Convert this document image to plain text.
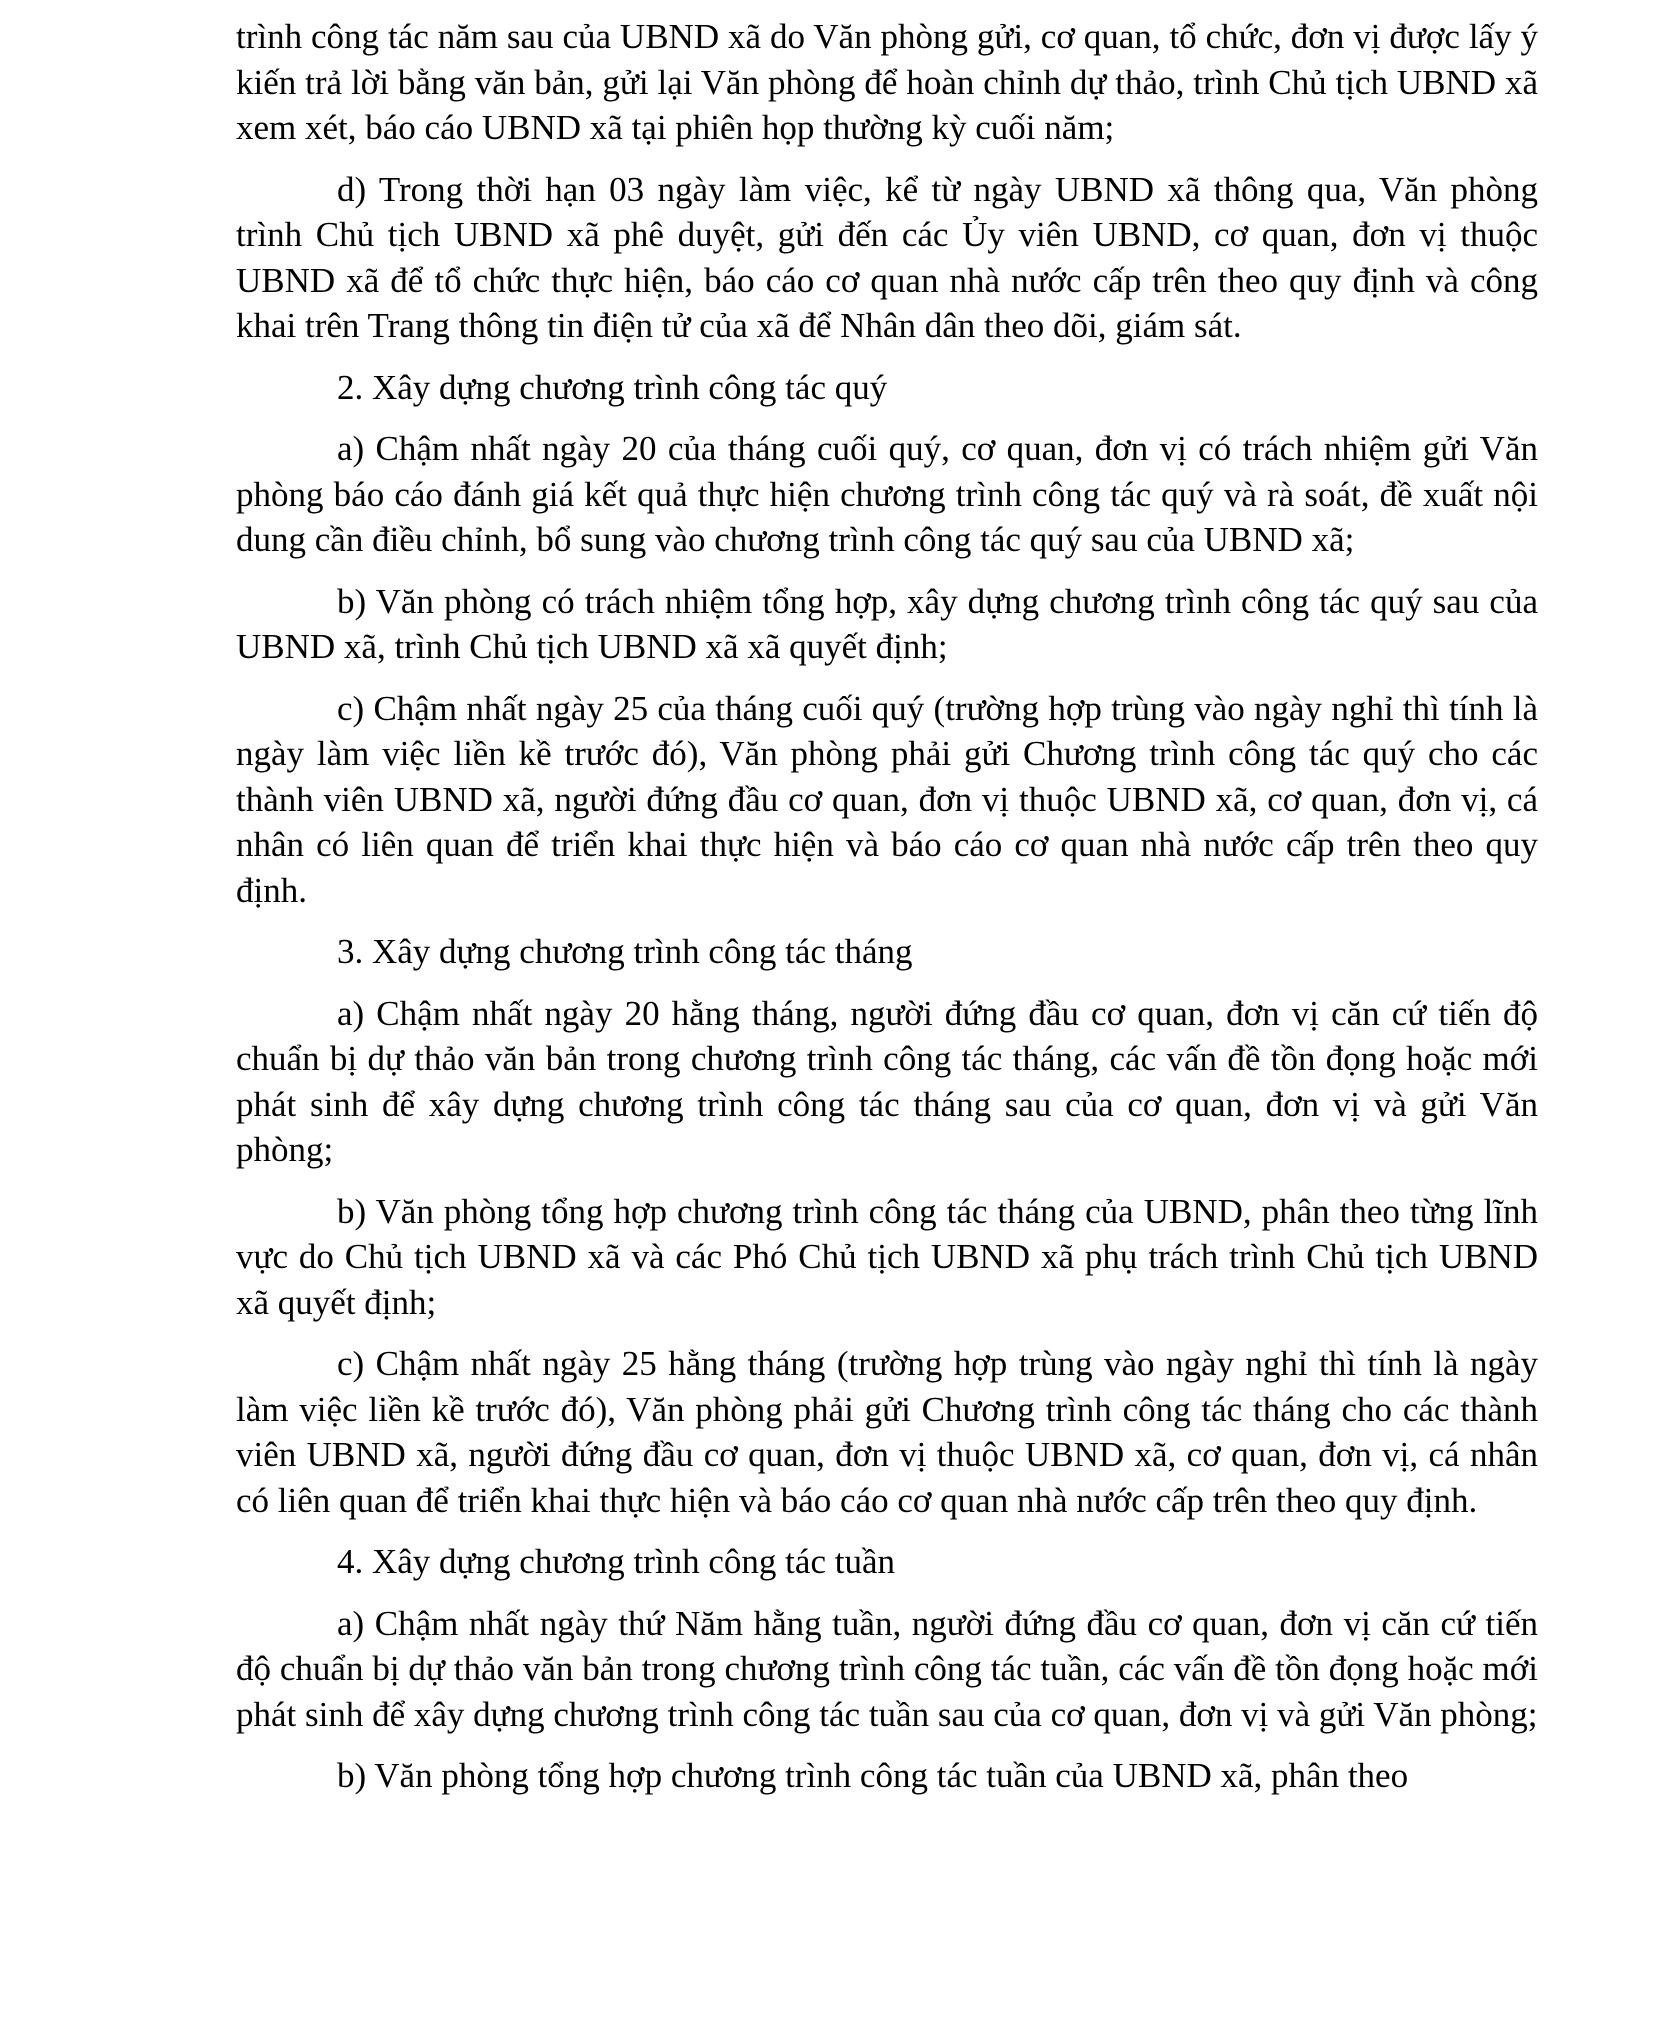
trình công tác năm sau của UBND xã do Văn phòng gửi, cơ quan, tổ chức, đơn vị được lấy ý kiến trả lời bằng văn bản, gửi lại Văn phòng để hoàn chỉnh dự thảo, trình Chủ tịch UBND xã xem xét, báo cáo UBND xã tại phiên họp thường kỳ cuối năm;

d) Trong thời hạn 03 ngày làm việc, kể từ ngày UBND xã thông qua, Văn phòng trình Chủ tịch UBND xã phê duyệt, gửi đến các Ủy viên UBND, cơ quan, đơn vị thuộc UBND xã để tổ chức thực hiện, báo cáo cơ quan nhà nước cấp trên theo quy định và công khai trên Trang thông tin điện tử của xã để Nhân dân theo dõi, giám sát.

2. Xây dựng chương trình công tác quý

a) Chậm nhất ngày 20 của tháng cuối quý, cơ quan, đơn vị có trách nhiệm gửi Văn phòng báo cáo đánh giá kết quả thực hiện chương trình công tác quý và rà soát, đề xuất nội dung cần điều chỉnh, bổ sung vào chương trình công tác quý sau của UBND xã;

b) Văn phòng có trách nhiệm tổng hợp, xây dựng chương trình công tác quý sau của UBND xã, trình Chủ tịch UBND xã xã quyết định;

c) Chậm nhất ngày 25 của tháng cuối quý (trường hợp trùng vào ngày nghỉ thì tính là ngày làm việc liền kề trước đó), Văn phòng phải gửi Chương trình công tác quý cho các thành viên UBND xã, người đứng đầu cơ quan, đơn vị thuộc UBND xã, cơ quan, đơn vị, cá nhân có liên quan để triển khai thực hiện và báo cáo cơ quan nhà nước cấp trên theo quy định.

3. Xây dựng chương trình công tác tháng

a) Chậm nhất ngày 20 hằng tháng, người đứng đầu cơ quan, đơn vị căn cứ tiến độ chuẩn bị dự thảo văn bản trong chương trình công tác tháng, các vấn đề tồn đọng hoặc mới phát sinh để xây dựng chương trình công tác tháng sau của cơ quan, đơn vị và gửi Văn phòng;

b) Văn phòng tổng hợp chương trình công tác tháng của UBND, phân theo từng lĩnh vực do Chủ tịch UBND xã và các Phó Chủ tịch UBND xã phụ trách trình Chủ tịch UBND xã quyết định;

c) Chậm nhất ngày 25 hằng tháng (trường hợp trùng vào ngày nghỉ thì tính là ngày làm việc liền kề trước đó), Văn phòng phải gửi Chương trình công tác tháng cho các thành viên UBND xã, người đứng đầu cơ quan, đơn vị thuộc UBND xã, cơ quan, đơn vị, cá nhân có liên quan để triển khai thực hiện và báo cáo cơ quan nhà nước cấp trên theo quy định.

4. Xây dựng chương trình công tác tuần

a) Chậm nhất ngày thứ Năm hằng tuần, người đứng đầu cơ quan, đơn vị căn cứ tiến độ chuẩn bị dự thảo văn bản trong chương trình công tác tuần, các vấn đề tồn đọng hoặc mới phát sinh để xây dựng chương trình công tác tuần sau của cơ quan, đơn vị và gửi Văn phòng;

b) Văn phòng tổng hợp chương trình công tác tuần của UBND xã, phân theo
